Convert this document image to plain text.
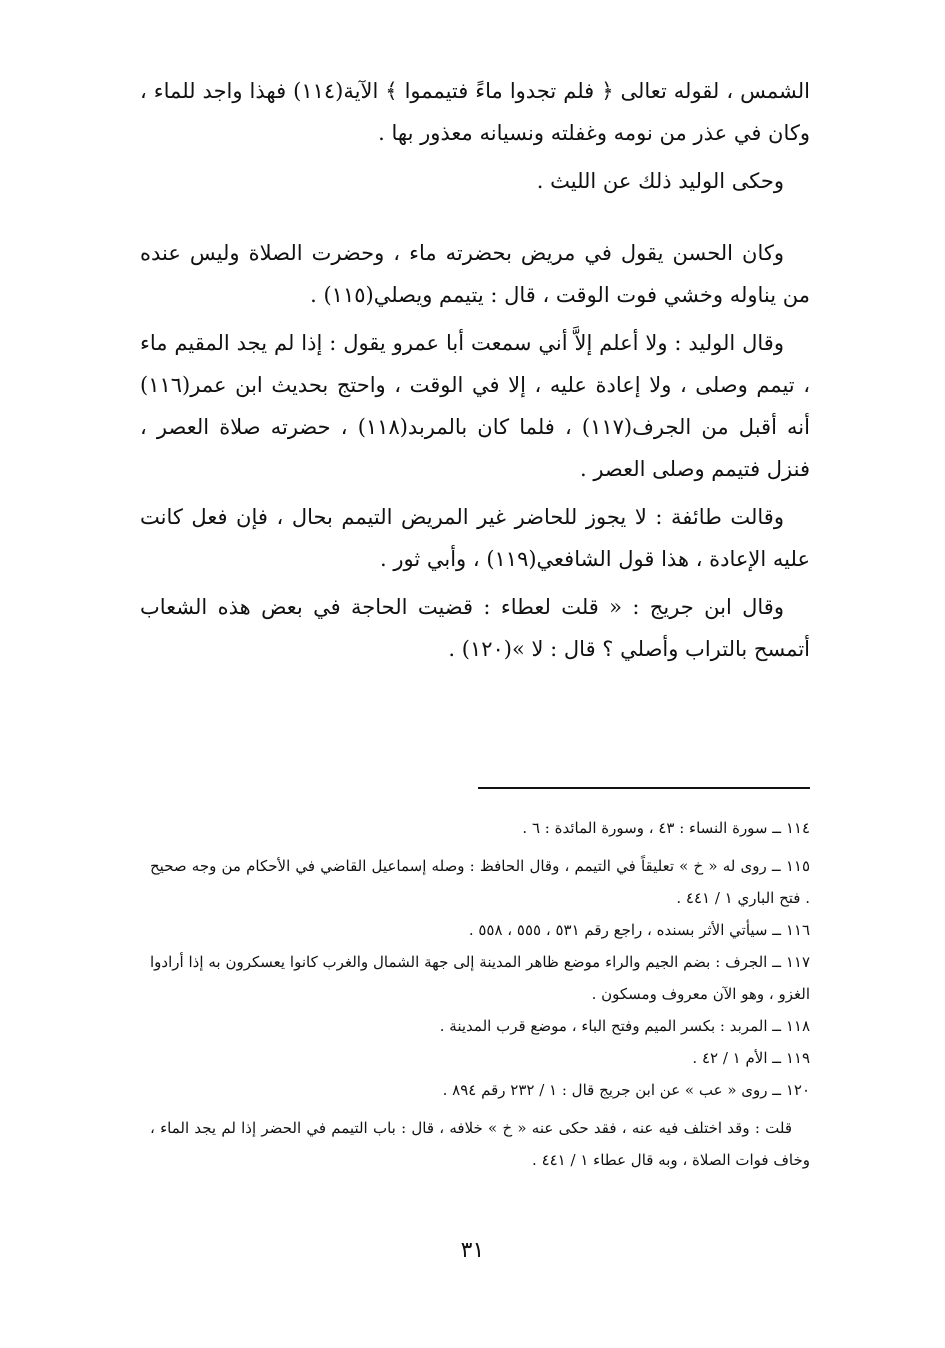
الشمس ، لقوله تعالى ﴿ فلم تجدوا ماءً فتيمموا ﴾ الآية(١١٤) فهذا واجد للماء ، وكان في عذر من نومه وغفلته ونسيانه معذور بها .

وحكى الوليد ذلك عن الليث .

وكان الحسن يقول في مريض بحضرته ماء ، وحضرت الصلاة وليس عنده من يناوله وخشي فوت الوقت ، قال : يتيمم ويصلي(١١٥) .

وقال الوليد : ولا أعلم إلاَّ أني سمعت أبا عمرو يقول : إذا لم يجد المقيم ماء ، تيمم وصلى ، ولا إعادة عليه ، إلا في الوقت ، واحتج بحديث ابن عمر(١١٦) أنه أقبل من الجرف(١١٧) ، فلما كان بالمربد(١١٨) ، حضرته صلاة العصر ، فنزل فتيمم وصلى العصر .

وقالت طائفة : لا يجوز للحاضر غير المريض التيمم بحال ، فإن فعل كانت عليه الإعادة ، هذا قول الشافعي(١١٩) ، وأبي ثور .

وقال ابن جريج : « قلت لعطاء : قضيت الحاجة في بعض هذه الشعاب أتمسح بالتراب وأصلي ؟ قال : لا »(١٢٠) .

١١٤ ــ سورة النساء : ٤٣ ، وسورة المائدة : ٦ .

١١٥ ــ روى له « خ » تعليقاً في التيمم ، وقال الحافظ : وصله إسماعيل القاضي في الأحكام من وجه صحيح . فتح الباري ١ / ٤٤١ .

١١٦ ــ سيأتي الأثر بسنده ، راجع رقم ٥٣١ ، ٥٥٥ ، ٥٥٨ .

١١٧ ــ الجرف : بضم الجيم والراء موضع ظاهر المدينة إلى جهة الشمال والغرب كانوا يعسكرون به إذا أرادوا الغزو ، وهو الآن معروف ومسكون .

١١٨ ــ المربد : بكسر الميم وفتح الباء ، موضع قرب المدينة .

١١٩ ــ الأم ١ / ٤٢ .

١٢٠ ــ روى « عب » عن ابن جريج قال : ١ / ٢٣٢ رقم ٨٩٤ .

قلت : وقد اختلف فيه عنه ، فقد حكى عنه « خ » خلافه ، قال : باب التيمم في الحضر إذا لم يجد الماء ، وخاف فوات الصلاة ، وبه قال عطاء ١ / ٤٤١ .

٣١
